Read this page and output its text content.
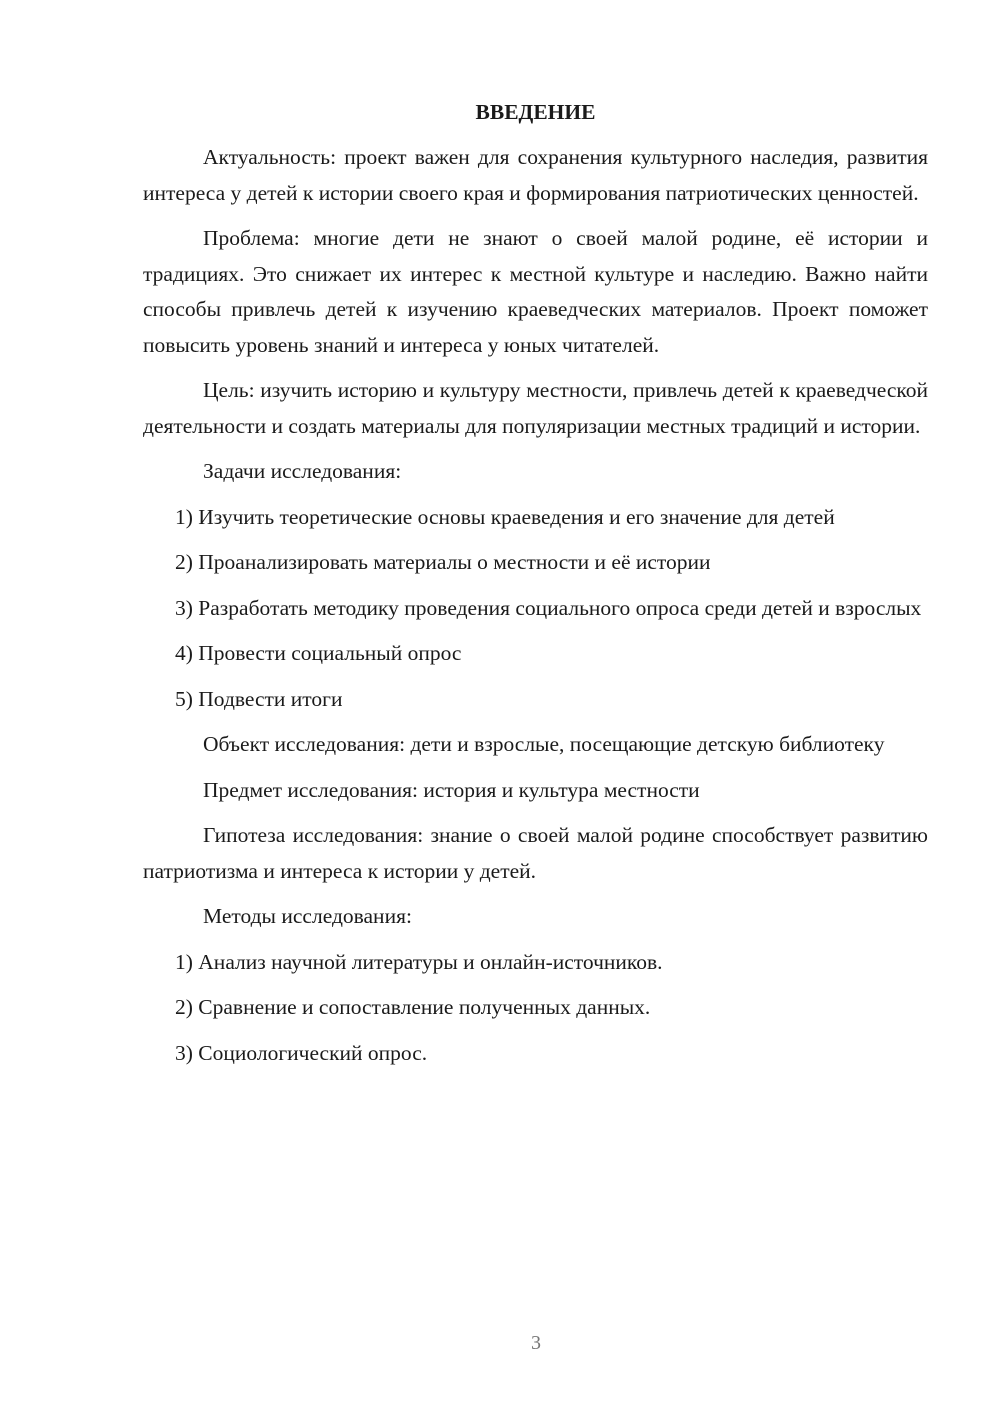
ВВЕДЕНИЕ

Актуальность: проект важен для сохранения культурного наследия, развития интереса у детей к истории своего края и формирования патриотических ценностей.

Проблема: многие дети не знают о своей малой родине, её истории и традициях. Это снижает их интерес к местной культуре и наследию. Важно найти способы привлечь детей к изучению краеведческих материалов. Проект поможет повысить уровень знаний и интереса у юных читателей.

Цель: изучить историю и культуру местности, привлечь детей к краеведческой деятельности и создать материалы для популяризации местных традиций и истории.

Задачи исследования:

1) Изучить теоретические основы краеведения и его значение для детей

2) Проанализировать материалы о местности и её истории

3) Разработать методику проведения социального опроса среди детей и взрослых

4) Провести социальный опрос

5) Подвести итоги

Объект исследования: дети и взрослые, посещающие детскую библиотеку

Предмет исследования: история и культура местности

Гипотеза исследования: знание о своей малой родине способствует развитию патриотизма и интереса к истории у детей.

Методы исследования:

1) Анализ научной литературы и онлайн-источников.

2) Сравнение и сопоставление полученных данных.

3) Социологический опрос.

3
